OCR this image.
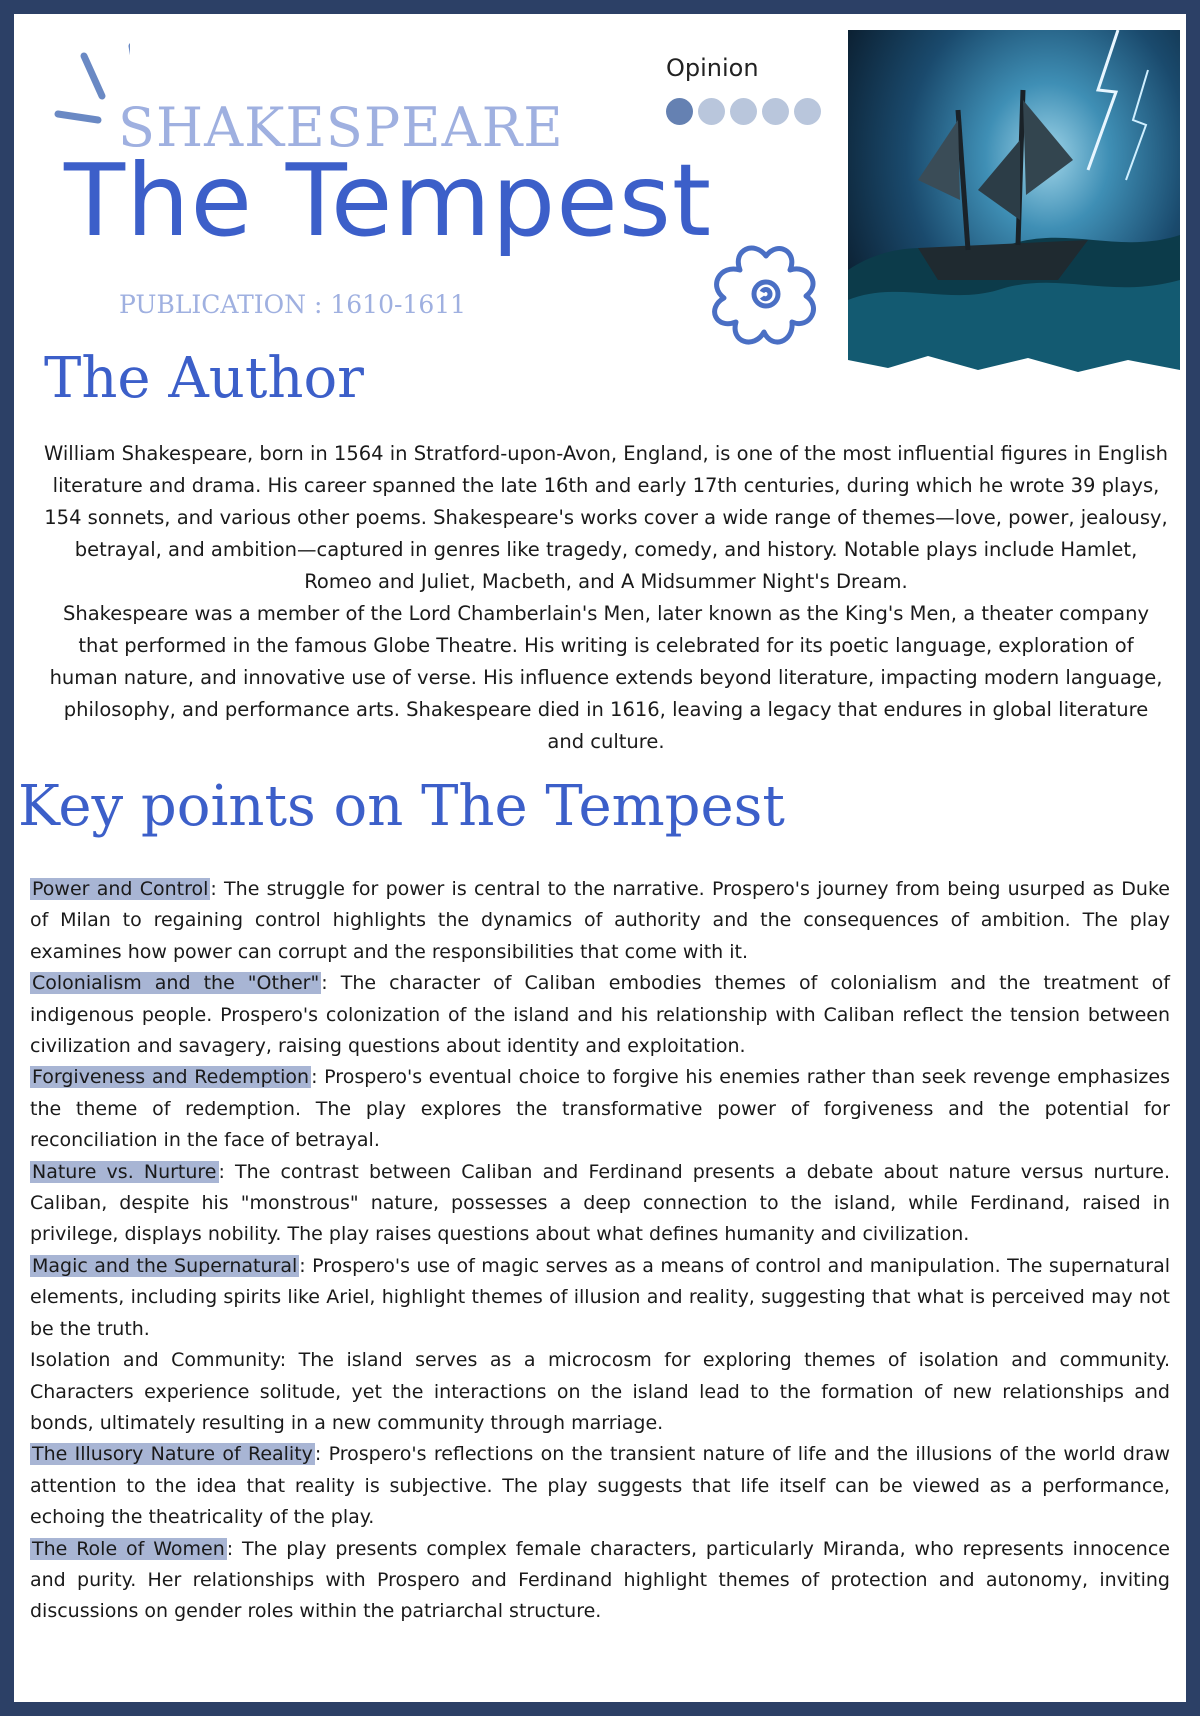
SHAKESPEARE
The Tempest
PUBLICATION : 1610-1611
Opinion
The Author

William Shakespeare, born in 1564 in Stratford-upon-Avon, England, is one of the most influential figures in English literature and drama. His career spanned the late 16th and early 17th centuries, during which he wrote 39 plays, 154 sonnets, and various other poems. Shakespeare's works cover a wide range of themes—love, power, jealousy, betrayal, and ambition—captured in genres like tragedy, comedy, and history. Notable plays include Hamlet, Romeo and Juliet, Macbeth, and A Midsummer Night's Dream.

Shakespeare was a member of the Lord Chamberlain's Men, later known as the King's Men, a theater company that performed in the famous Globe Theatre. His writing is celebrated for its poetic language, exploration of human nature, and innovative use of verse. His influence extends beyond literature, impacting modern language, philosophy, and performance arts. Shakespeare died in 1616, leaving a legacy that endures in global literature and culture.

Key points on The Tempest

Power and Control : The struggle for power is central to the narrative. Prospero's journey from being usurped as Duke of Milan to regaining control highlights the dynamics of authority and the consequences of ambition. The play examines how power can corrupt and the responsibilities that come with it.

Colonialism and the "Other" : The character of Caliban embodies themes of colonialism and the treatment of indigenous people. Prospero's colonization of the island and his relationship with Caliban reflect the tension between civilization and savagery, raising questions about identity and exploitation.

Forgiveness and Redemption : Prospero's eventual choice to forgive his enemies rather than seek revenge emphasizes the theme of redemption. The play explores the transformative power of forgiveness and the potential for reconciliation in the face of betrayal.

Nature vs. Nurture : The contrast between Caliban and Ferdinand presents a debate about nature versus nurture. Caliban, despite his "monstrous" nature, possesses a deep connection to the island, while Ferdinand, raised in privilege, displays nobility. The play raises questions about what defines humanity and civilization.

Magic and the Supernatural : Prospero's use of magic serves as a means of control and manipulation. The supernatural elements, including spirits like Ariel, highlight themes of illusion and reality, suggesting that what is perceived may not be the truth.

Isolation and Community: The island serves as a microcosm for exploring themes of isolation and community. Characters experience solitude, yet the interactions on the island lead to the formation of new relationships and bonds, ultimately resulting in a new community through marriage.

The Illusory Nature of Reality : Prospero's reflections on the transient nature of life and the illusions of the world draw attention to the idea that reality is subjective. The play suggests that life itself can be viewed as a performance, echoing the theatricality of the play.

The Role of Women : The play presents complex female characters, particularly Miranda, who represents innocence and purity. Her relationships with Prospero and Ferdinand highlight themes of protection and autonomy, inviting discussions on gender roles within the patriarchal structure.
